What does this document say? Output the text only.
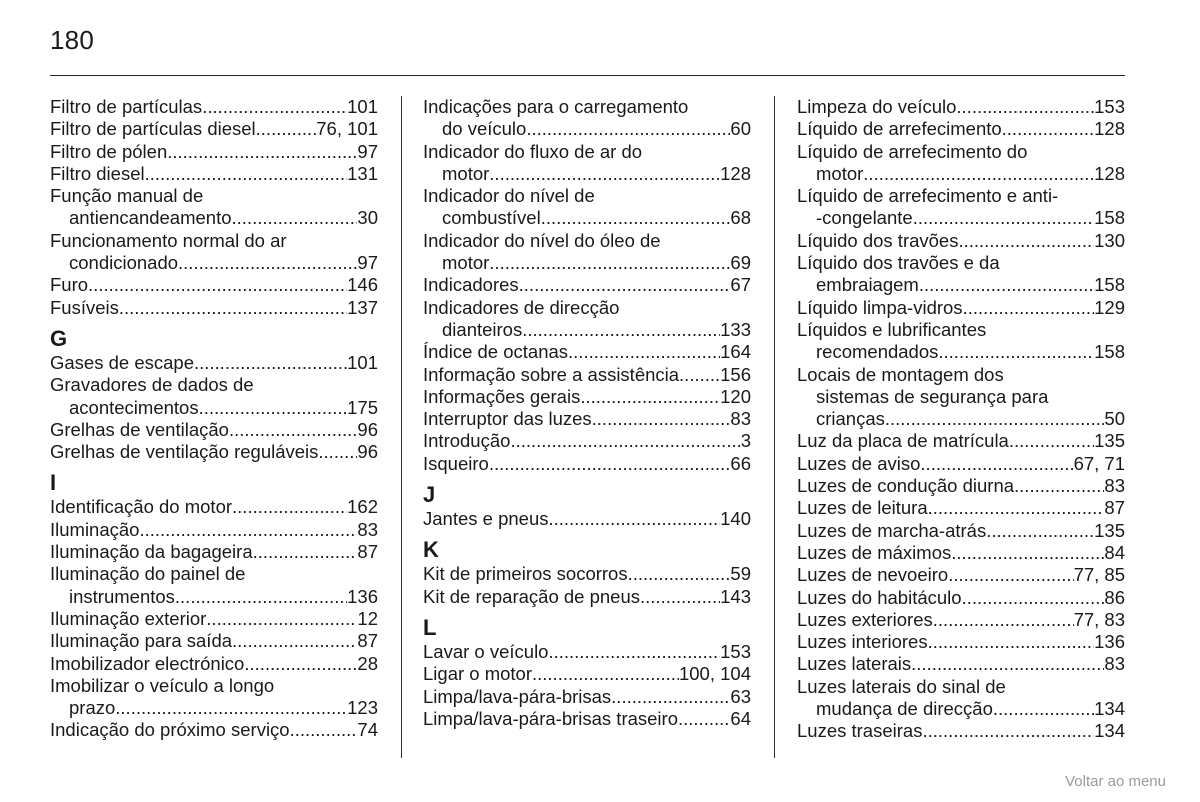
180
Filtro de partículas .....	101
Filtro de partículas diesel .....	76, 101
Filtro de pólen .....	97
Filtro diesel .....	131
Função manual de
antiencandeamento .....	30
Funcionamento normal do ar
condicionado .....	97
Furo .....	146
Fusíveis .....	137
G
Gases de escape .....	101
Gravadores de dados de
acontecimentos .....	175
Grelhas de ventilação .....	96
Grelhas de ventilação reguláveis ..... 96
I
Identificação do motor .....	162
Iluminação .....	83
Iluminação da bagageira .....	87
Iluminação do painel de
instrumentos .....	136
Iluminação exterior .....	12
Iluminação para saída .....	87
Imobilizador electrónico .....	28
Imobilizar o veículo a longo
prazo .....	123
Indicação do próximo serviço .....	74
Indicações para o carregamento
do veículo .....	60
Indicador do fluxo de ar do
motor .....	128
Indicador do nível de
combustível .....	68
Indicador do nível do óleo de
motor .....	69
Indicadores .....	67
Indicadores de direcção
dianteiros .....	133
Índice de octanas .....	164
Informação sobre a assistência ..... 156
Informações gerais .....	120
Interruptor das luzes .....	83
Introdução .....	3
Isqueiro .....	66
J
Jantes e pneus .....	140
K
Kit de primeiros socorros .....	59
Kit de reparação de pneus .....	143
L
Lavar o veículo .....	153
Ligar o motor .....	100, 104
Limpa/lava-pára-brisas .....	63
Limpa/lava-pára-brisas traseiro .....	64
Limpeza do veículo .....	153
Líquido de arrefecimento .....	128
Líquido de arrefecimento do
motor .....	128
Líquido de arrefecimento e anti-
-congelante .....	158
Líquido dos travões .....	130
Líquido dos travões e da
embraiagem .....	158
Líquido limpa-vidros .....	129
Líquidos e lubrificantes
recomendados .....	158
Locais de montagem dos
sistemas de segurança para
crianças .....	50
Luz da placa de matrícula .....	135
Luzes de aviso .....	67, 71
Luzes de condução diurna .....	83
Luzes de leitura .....	87
Luzes de marcha-atrás .....	135
Luzes de máximos .....	84
Luzes de nevoeiro .....	77, 85
Luzes do habitáculo .....	86
Luzes exteriores .....	77, 83
Luzes interiores .....	136
Luzes laterais .....	83
Luzes laterais do sinal de
mudança de direcção .....	134
Luzes traseiras .....	134
Voltar ao menu
